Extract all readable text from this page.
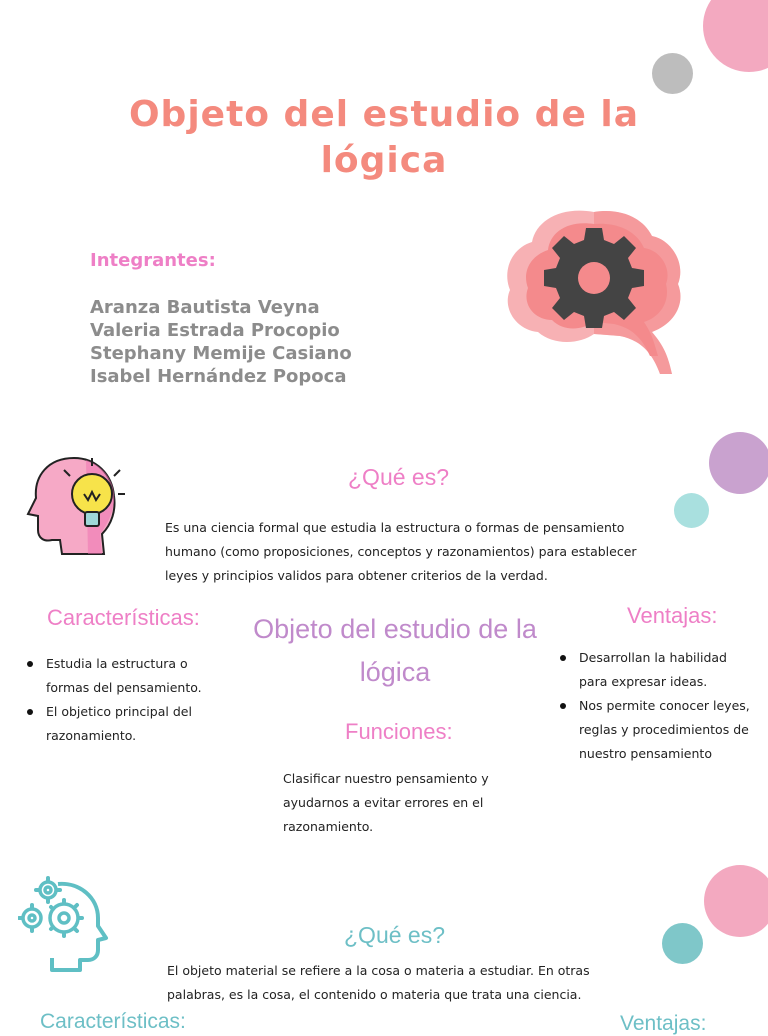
Objeto del estudio de la lógica
Integrantes:
Aranza Bautista Veyna
Valeria Estrada Procopio
Stephany Memije Casiano
Isabel Hernández Popoca
¿Qué es?
Es una ciencia formal que estudia la estructura o formas de pensamiento humano (como proposiciones, conceptos y razonamientos) para establecer leyes y principios validos para obtener criterios de la verdad.
Características:
Estudia la estructura o formas del pensamiento.
El objetico principal del razonamiento.
Objeto del estudio de la lógica
Funciones:
Clasificar nuestro pensamiento y ayudarnos a evitar errores en el razonamiento.
Ventajas:
Desarrollan la habilidad para expresar ideas.
Nos permite conocer leyes, reglas y procedimientos de nuestro pensamiento
¿Qué es?
El objeto material se refiere a la cosa o materia a estudiar. En otras palabras, es la cosa, el contenido o materia que trata una ciencia.
Características:	Ventajas:
